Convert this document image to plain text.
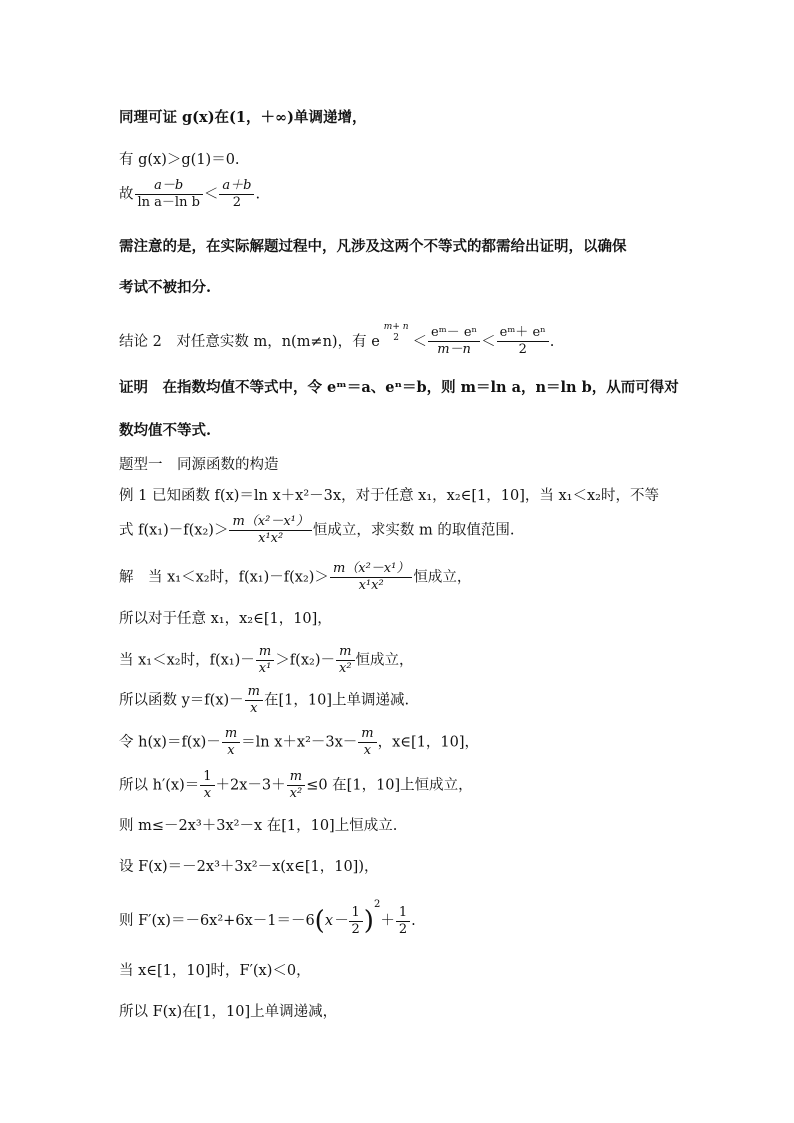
同理可证 g(x)在(1，＋∞)单调递增，
有 g(x)＞g(1)＝0.
故 $\frac{a-b}{\text{ln a－ln b}} < \frac{a+b}{2}$ .
需注意的是，在实际解题过程中，凡涉及这两个不等式的都需给出证明，以确保
考试不被扣分.
结论 2　对任意实数 m，n(m≠n)，有 e
m+ n
$2 < \frac{\text{eᵐ－ eⁿ}}{m-n} < \frac{\text{eᵐ＋ eⁿ}}{2}$ .
证明　在指数均值不等式中，令 eᵐ＝a、eⁿ＝b，则 m＝ln a，n＝ln b，从而可得对
数均值不等式.
题型一　同源函数的构造
例 1 已知函数 f(x)＝ln x＋x²－3x，对于任意 x₁，x₂∈[1，10]，当 x₁＜x₂时，不等
式 $f(x_1)-f(x_2)> \frac{\text{m（x²－x¹）}}{\text{x¹x²}}$ 恒成立，求实数 m 的取值范围.
解　当 x₁＜x₂时，$f(x_1)-f(x_2)> \frac{\text{m（x²－x¹）}}{\text{x¹x²}}$ 恒成立，
所以对于任意 x₁，x₂∈[1，10]，
当 x₁＜x₂时，$f(x_1)- \frac{m}{\text{x¹}} >f(x_2)- \frac{m}{\text{x²}}$ 恒成立，
所以函数 $y=f(x)- \frac{m}{x}$ 在[1，10]上单调递减.
令 $h(x)=f(x)- \frac{m}{x} =\ln$ $x+x^2-3x- \frac{m}{x}$ ，x∈[1，10]，
所以 $h'(x)= \frac{1}{x} +2x-3+ \frac{m}{\text{x²}} \le 0$ 在[1，10]上恒成立，
则 m≤－2x³＋3x²－x 在[1，10]上恒成立.
设 F(x)＝－2x³＋3x²－x(x∈[1，10])，
则 $F'(x)=-6x^2+6x-1=-6(x- \frac{1}{2} )^2+ \frac{1}{2}$ .
当 x∈[1，10]时，F′(x)＜0，
所以 F(x)在[1，10]上单调递减，
